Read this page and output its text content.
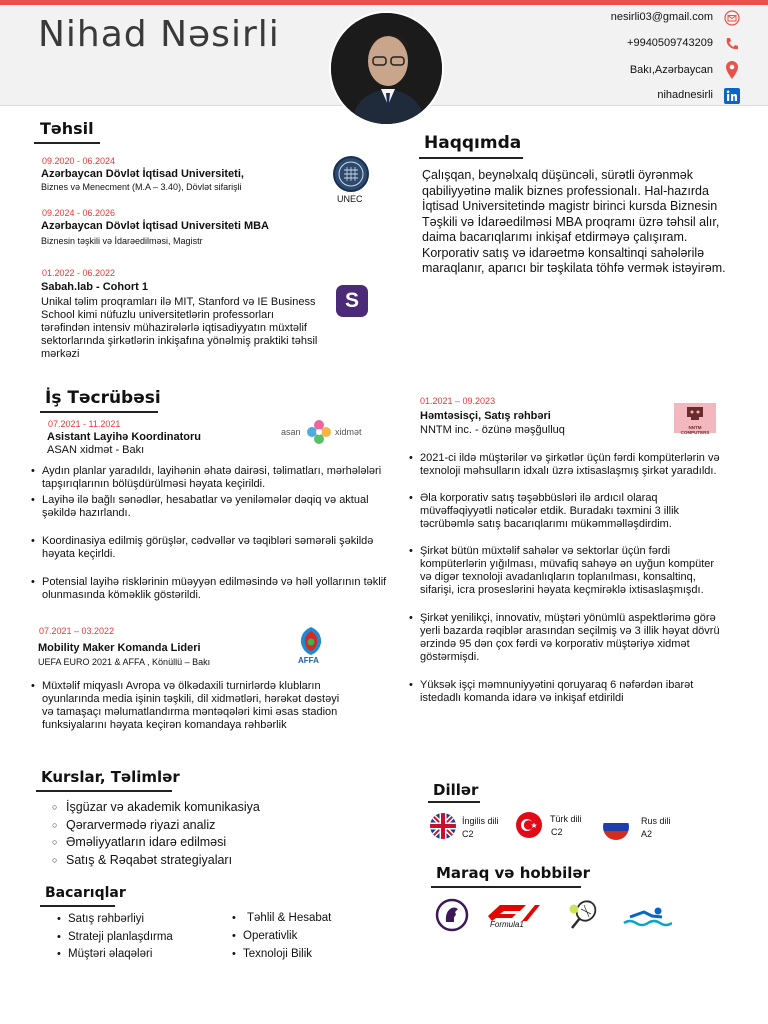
Nihad Nəsirli	nesirli03@gmail.com
+9940509743209
Bakı,Azərbaycan
nihadnesirli
Təhsil
09.2020 - 06.2024
Azərbaycan Dövlət İqtisad Universiteti,
Biznes və Menecment (M.A – 3.40), Dövlət sifarişli
UNEC
09.2024 - 06.2026
Azərbaycan Dövlət İqtisad Universiteti MBA
Biznesin təşkili və İdarəedilməsi, Magistr
01.2022 - 06.2022
Sabah.lab - Cohort 1
Unikal təlim proqramları ilə MIT, Stanford və IE Business School kimi nüfuzlu universitetlərin professorları tərəfindən intensiv mühazirələrlə iqtisadiyyatın müxtəlif sektorlarında şirkətlərin inkişafına yönəlmiş praktiki təhsil mərkəzi
S
Haqqımda
Çalışqan, beynəlxalq düşüncəli, sürətli öyrənmək qabiliyyətinə malik biznes professionalı. Hal-hazırda İqtisad Universitetində magistr birinci kursda Biznesin Təşkili və İdarəedilməsi MBA proqramı üzrə təhsil alır, daima bacarıqlarımı inkişaf etdirməyə çalışıram. Korporativ satış və idarəetmə konsaltinqi sahələrilə maraqlanır, aparıcı bir təşkilata töhfə vermək istəyirəm.
İş Təcrübəsi
07.2021 - 11.2021
Asistant Layihə Koordinatoru
ASAN xidmət - Bakı
asan	xidmət
• Aydın planlar yaradıldı, layihənin əhatə dairəsi, təlimatları, mərhələləri tapşırıqlarının bölüşdürülməsi həyata keçirildi.
• Layihə ilə bağlı sənədlər, hesabatlar və yeniləmələr dəqiq və aktual şəkildə hazırlandı.
• Koordinasiya edilmiş görüşlər, cədvəllər və təqibləri səmərəli şəkildə həyata keçirldi.
• Potensial layihə risklərinin müəyyən edilməsində və həll yollarının təklif olunmasında köməklik göstərildi.
07.2021 – 03.2022
Mobility Maker Komanda Lideri
UEFA EURO 2021 & AFFA , Könüllü – Bakı	AFFA
• Müxtəlif miqyaslı Avropa və ölkədaxili turnirlərdə klubların oyunlarında media işinin təşkili, dil xidmətləri, hərəkət dəstəyi və tamaşaçı məlumatlandırma məntəqələri kimi əsas stadion funksiyalarını həyata keçirən komandaya rəhbərlik
01.2021 – 09.2023
Həmtəsisçi, Satış rəhbəri
NNTM inc. - özünə məşğulluq	NNTM COMPUTERS
• 2021-ci ildə müştərilər və şirkətlər üçün fərdi kompüterlərin və texnoloji məhsulların idxalı üzrə ixtisaslaşmış şirkət yaradıldı.
• Əla korporativ satış təşəbbüsləri ilə ardıcıl olaraq müvəffəqiyyətli nəticələr etdik. Buradakı təxmini 3 illik təcrübəmlə satış bacarıqlarımı mükəmməlləşdirdim.
• Şirkət bütün müxtəlif sahələr və sektorlar üçün fərdi kompüterlərin yığılması, müvafiq sahəyə ən uyğun kompüter və digər texnoloji avadanlıqların toplanılması, konsaltinq, sifarişi, icra proseslərini həyata keçmirəklə ixtisaslaşmışdı.
• Şirkət yenilikçi, innovativ, müştəri yönümlü aspektlərimə görə yerli bazarda rəqiblər arasından seçilmiş və 3 illik həyat dövrü ərzində 95 dən çox fərdi və korporativ müştəriyə xidmət göstərmişdi.
• Yüksək işçi məmnuniyyətini qoruyaraq 6 nəfərdən ibarət istedadlı komanda idarə və inkişaf etdirildi
Kurslar, Təlimlər
○ İşgüzar və akademik komunikasiya
○ Qərarvermədə riyazi analiz
○ Əməliyyatların idarə edilməsi
○ Satış & Rəqabət strategiyaları
Bacarıqlar
• Satış rəhbərliyi
• Strateji planlaşdırma
• Müştəri əlaqələri
• Təhlil & Hesabat
• Operativlik
• Texnoloji Bilik
Dillər
İngilis dili
C2
Türk dili
C2
Rus dili
A2
Maraq və hobbilər
Formula1
